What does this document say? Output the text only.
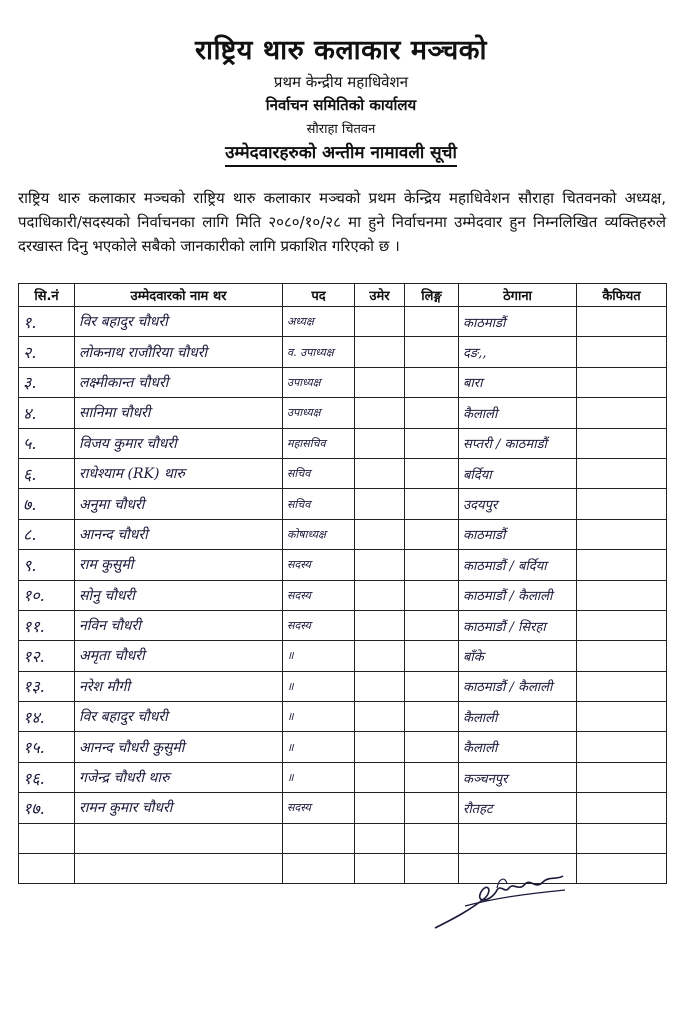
राष्ट्रिय थारु कलाकार मञ्चको
प्रथम केन्द्रीय महाधिवेशन
निर्वाचन समितिको कार्यालय
सौराहा चितवन
उम्मेदवारहरुको अन्तीम नामावली सूची
राष्ट्रिय थारु कलाकार मञ्चको राष्ट्रिय थारु कलाकार मञ्चको प्रथम केन्द्रिय महाधिवेशन सौराहा चितवनको अध्यक्ष, पदाधिकारी/सदस्यको निर्वाचनका लागि मिति २०८०/१०/२८ मा हुने निर्वाचनमा उम्मेदवार हुन निम्नलिखित व्यक्तिहरुले दरखास्त दिनु भएकोले सबैको जानकारीको लागि प्रकाशित गरिएको छ ।
सि.नं	उम्मेदवारको नाम थर	पद	उमेर	लिङ्ग	ठेगाना	कैफियत
१.	विर बहादुर चौधरी	अध्यक्ष			काठमाडौं	
२.	लोकनाथ राजौरिया चौधरी	व. उपाध्यक्ष			दङ,,	
३.	लक्ष्मीकान्त चौधरी	उपाध्यक्ष			बारा	
४.	सानिमा चौधरी	उपाध्यक्ष			कैलाली	
५.	विजय कुमार चौधरी	महासचिव			सप्तरी / काठमाडौं	
६.	राधेश्याम (RK) थारु	सचिव			बर्दिया	
७.	अनुमा चौधरी	सचिव			उदयपुर	
८.	आनन्द चौधरी	कोषाध्यक्ष			काठमाडौं	
९.	राम कुसुमी	सदस्य			काठमाडौं / बर्दिया	
१०.	सोनु चौधरी	सदस्य			काठमाडौं / कैलाली	
११.	नविन चौधरी	सदस्य			काठमाडौं / सिरहा	
१२.	अमृता चौधरी	॥			बाँके	
१३.	नरेश मौगी	॥			काठमाडौं / कैलाली	
१४.	विर बहादुर चौधरी	॥			कैलाली	
१५.	आनन्द चौधरी कुसुमी	॥			कैलाली	
१६.	गजेन्द्र चौधरी थारु	॥			कञ्चनपुर	
१७.	रामन कुमार चौधरी	सदस्य			रौतहट	
